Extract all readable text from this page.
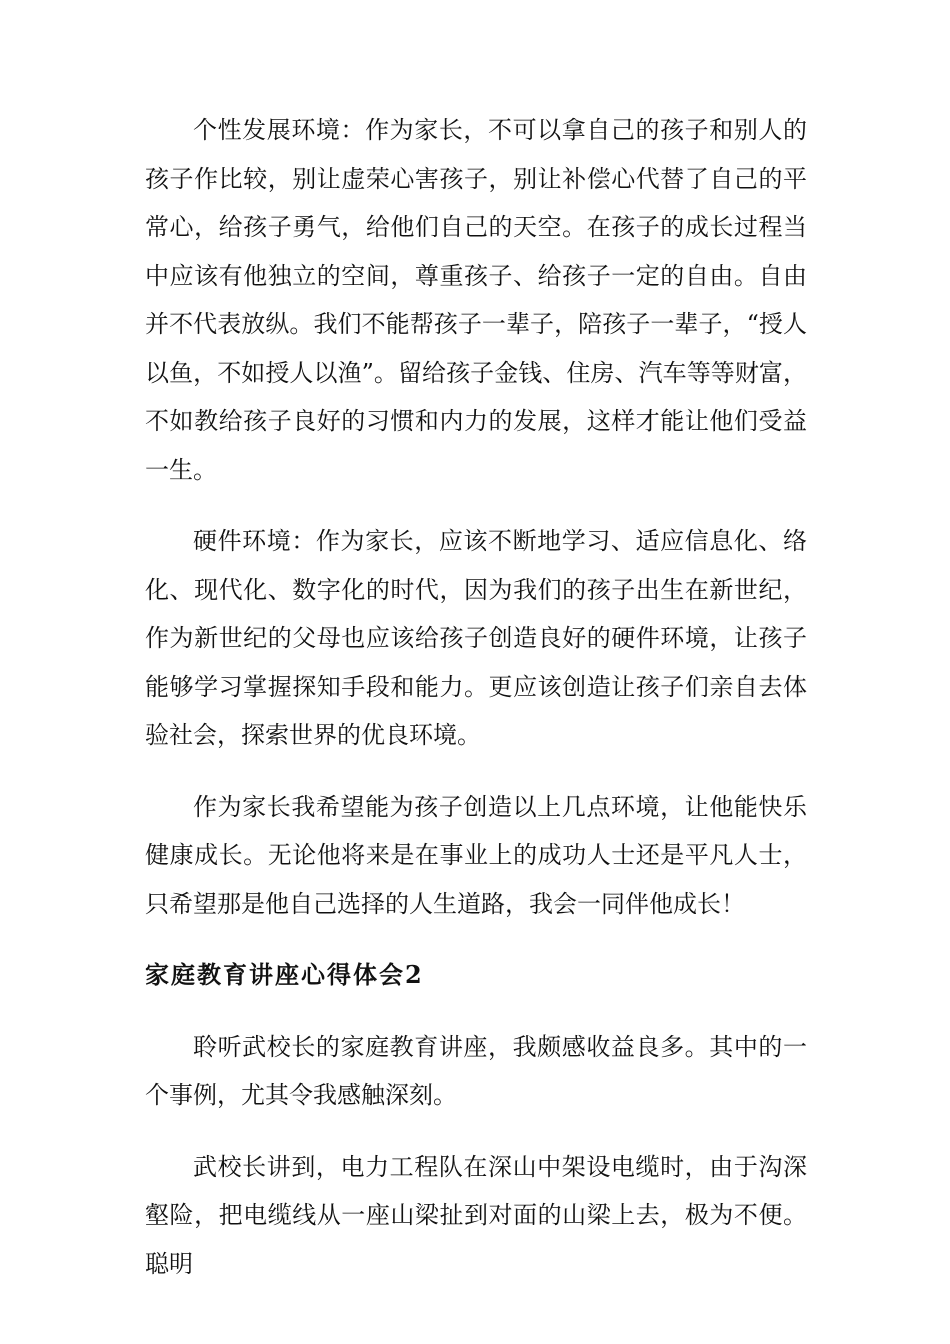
个性发展环境：作为家长，不可以拿自己的孩子和别人的孩子作比较，别让虚荣心害孩子，别让补偿心代替了自己的平常心，给孩子勇气，给他们自己的天空。在孩子的成长过程当中应该有他独立的空间，尊重孩子、给孩子一定的自由。自由并不代表放纵。我们不能帮孩子一辈子，陪孩子一辈子，“授人以鱼，不如授人以渔”。留给孩子金钱、住房、汽车等等财富，不如教给孩子良好的习惯和内力的发展，这样才能让他们受益一生。

硬件环境：作为家长，应该不断地学习、适应信息化、络化、现代化、数字化的时代，因为我们的孩子出生在新世纪，作为新世纪的父母也应该给孩子创造良好的硬件环境，让孩子能够学习掌握探知手段和能力。更应该创造让孩子们亲自去体验社会，探索世界的优良环境。

作为家长我希望能为孩子创造以上几点环境，让他能快乐健康成长。无论他将来是在事业上的成功人士还是平凡人士，只希望那是他自己选择的人生道路，我会一同伴他成长！

家庭教育讲座心得体会2

聆听武校长的家庭教育讲座，我颇感收益良多。其中的一个事例，尤其令我感触深刻。

武校长讲到，电力工程队在深山中架设电缆时，由于沟深壑险，把电缆线从一座山梁扯到对面的山梁上去，极为不便。聪明
